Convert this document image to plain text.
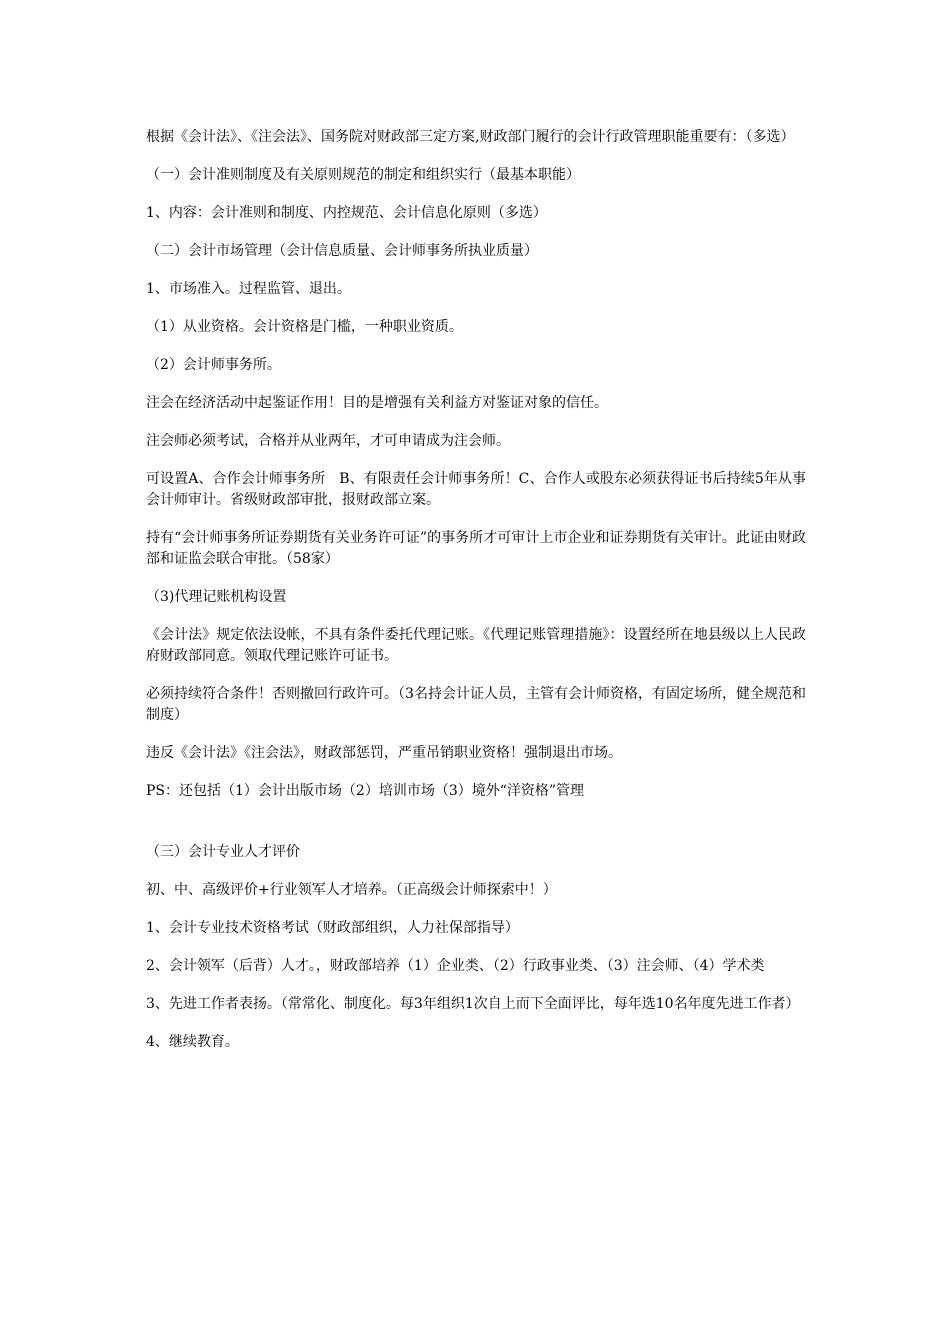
根据《会计法》、《注会法》、国务院对财政部三定方案,财政部门履行的会计行政管理职能重要有：（多选）

（一）会计准则制度及有关原则规范的制定和组织实行（最基本职能）

1、内容：会计准则和制度、内控规范、会计信息化原则（多选）

（二）会计市场管理（会计信息质量、会计师事务所执业质量）

1、市场准入。过程监管、退出。

（1）从业资格。会计资格是门槛，一种职业资质。

（2）会计师事务所。

注会在经济活动中起鉴证作用！目的是增强有关利益方对鉴证对象的信任。

注会师必须考试，合格并从业两年，才可申请成为注会师。

可设置A、合作会计师事务所　B、有限责任会计师事务所！C、合作人或股东必须获得证书后持续5年从事会计师审计。省级财政部审批，报财政部立案。

持有“会计师事务所证券期货有关业务许可证”的事务所才可审计上市企业和证券期货有关审计。此证由财政部和证监会联合审批。（58家）

（3)代理记账机构设置

《会计法》规定依法设帐，不具有条件委托代理记账。《代理记账管理措施》：设置经所在地县级以上人民政府财政部同意。领取代理记账许可证书。

必须持续符合条件！否则撤回行政许可。（3名持会计证人员，主管有会计师资格，有固定场所，健全规范和制度）

违反《会计法》《注会法》，财政部惩罚，严重吊销职业资格！强制退出市场。

PS：还包括（1）会计出版市场（2）培训市场（3）境外“洋资格”管理

（三）会计专业人才评价

初、中、高级评价+行业领军人才培养。（正高级会计师探索中！）

1、会计专业技术资格考试（财政部组织，人力社保部指导）

2、会计领军（后背）人才。，财政部培养（1）企业类、（2）行政事业类、（3）注会师、（4）学术类

3、先进工作者表扬。（常常化、制度化。每3年组织1次自上而下全面评比，每年选10名年度先进工作者）

4、继续教育。
